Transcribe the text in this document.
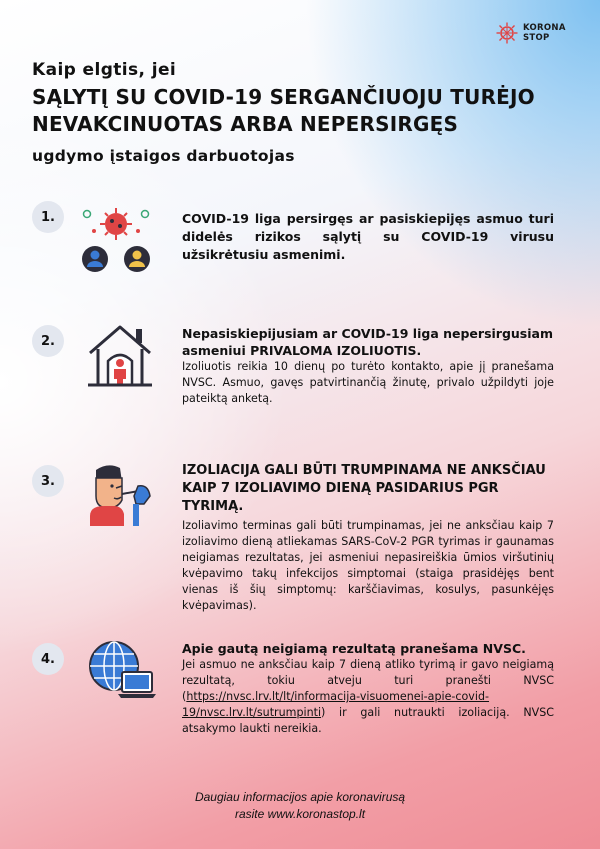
KORONA
STOP

Kaip elgtis, jei

SĄLYTĮ SU COVID-19 SERGANČIUOJU TURĖJO NEVAKCINUOTAS ARBA NEPERSIRGĘS

ugdymo įstaigos darbuotojas

1.	COVID-19 liga persirgęs ar pasiskiepijęs asmuo turi didelės rizikos sąlytį su COVID-19 virusu užsikrėtusiu asmenimi.

2.	Nepasiskiepijusiam ar COVID-19 liga nepersirgusiam asmeniui PRIVALOMA IZOLIUOTIS.

Izoliuotis reikia 10 dienų po turėto kontakto, apie jį pranešama NVSC. Asmuo, gavęs patvirtinančią žinutę, privalo užpildyti joje pateiktą anketą.

3.

IZOLIACIJA GALI BŪTI TRUMPINAMA NE ANKSČIAU KAIP 7 IZOLIAVIMO DIENĄ PASIDARIUS PGR TYRIMĄ.

Izoliavimo terminas gali būti trumpinamas, jei ne anksčiau kaip 7 izoliavimo dieną atliekamas SARS-CoV-2 PGR tyrimas ir gaunamas neigiamas rezultatas, jei asmeniui nepasireiškia ūmios viršutinių kvėpavimo takų infekcijos simptomai (staiga prasidėjęs bent vienas iš šių simptomų: karščiavimas, kosulys, pasunkėjęs kvėpavimas).

4.

Apie gautą neigiamą rezultatą pranešama NVSC.

Jei asmuo ne anksčiau kaip 7 dieną atliko tyrimą ir gavo neigiamą rezultatą, tokiu atveju turi pranešti NVSC (https://nvsc.lrv.lt/lt/informacija-visuomenei-apie-covid-19/nvsc.lrv.lt/sutrumpinti) ir gali nutraukti izoliaciją. NVSC atsakymo laukti nereikia.

Daugiau informacijos apie koronavirusą
rasite www.koronastop.lt
